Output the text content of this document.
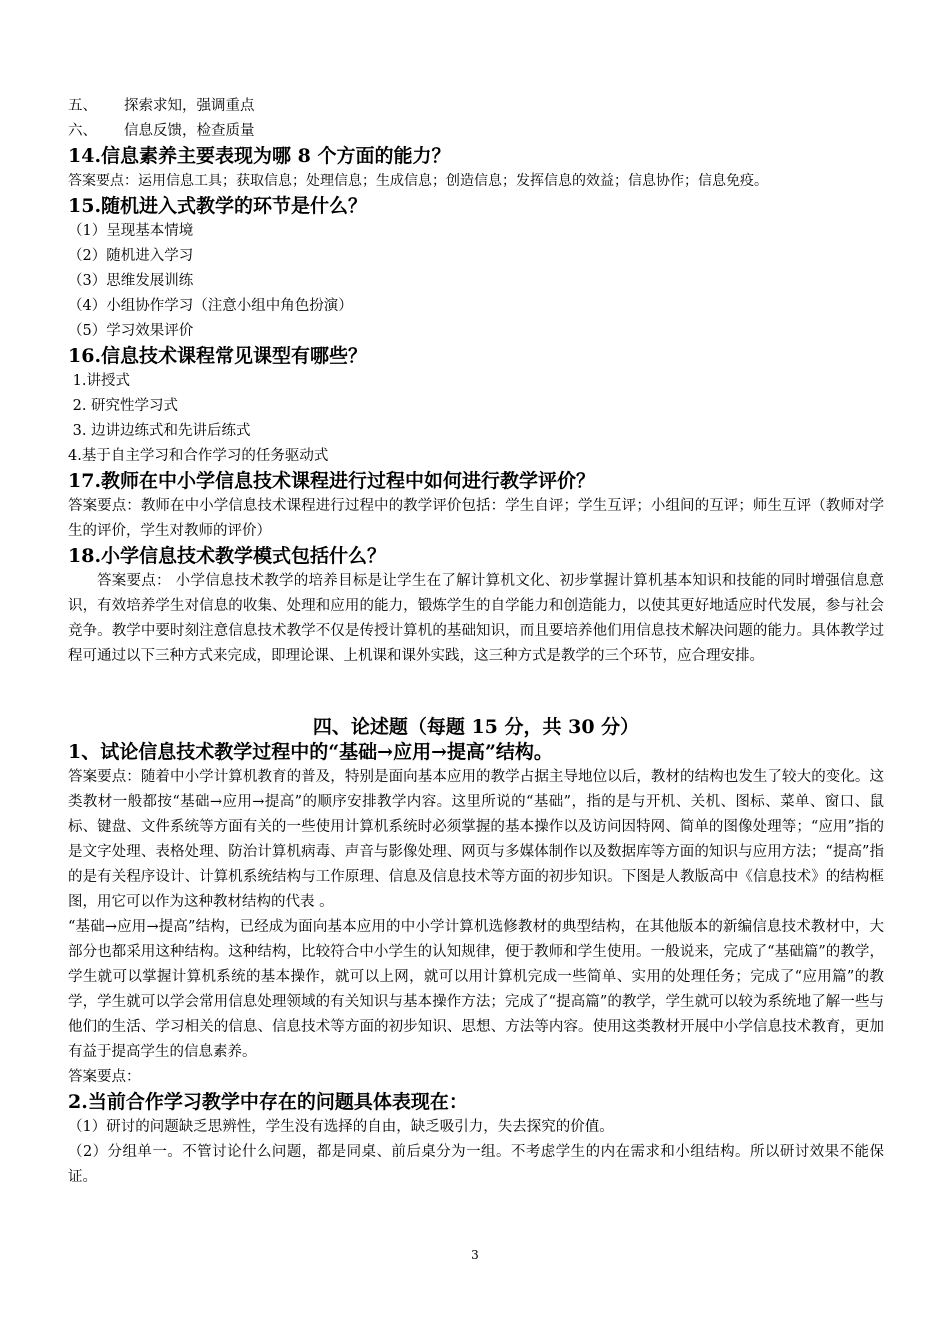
五、 探索求知，强调重点
六、 信息反馈，检查质量
14.信息素养主要表现为哪 8 个方面的能力？
答案要点：运用信息工具；获取信息；处理信息；生成信息；创造信息；发挥信息的效益；信息协作；信息免疫。
15.随机进入式教学的环节是什么？
（1）呈现基本情境
（2）随机进入学习
（3）思维发展训练
（4）小组协作学习（注意小组中角色扮演）
（5）学习效果评价
16.信息技术课程常见课型有哪些？
1.讲授式
2. 研究性学习式
3. 边讲边练式和先讲后练式
4.基于自主学习和合作学习的任务驱动式
17.教师在中小学信息技术课程进行过程中如何进行教学评价？
答案要点：教师在中小学信息技术课程进行过程中的教学评价包括：学生自评；学生互评；小组间的互评；师生互评（教师对学生的评价，学生对教师的评价）
18.小学信息技术教学模式包括什么？
答案要点： 小学信息技术教学的培养目标是让学生在了解计算机文化、初步掌握计算机基本知识和技能的同时增强信息意识，有效培养学生对信息的收集、处理和应用的能力，锻炼学生的自学能力和创造能力，以使其更好地适应时代发展，参与社会竞争。教学中要时刻注意信息技术教学不仅是传授计算机的基础知识，而且要培养他们用信息技术解决问题的能力。具体教学过程可通过以下三种方式来完成，即理论课、上机课和课外实践，这三种方式是教学的三个环节，应合理安排。
四、论述题（每题 15 分，共 30 分）
1、试论信息技术教学过程中的“基础→应用→提高”结构。
答案要点：随着中小学计算机教育的普及，特别是面向基本应用的教学占据主导地位以后，教材的结构也发生了较大的变化。这类教材一般都按“基础→应用→提高”的顺序安排教学内容。这里所说的“基础”，指的是与开机、关机、图标、菜单、窗口、鼠标、键盘、文件系统等方面有关的一些使用计算机系统时必须掌握的基本操作以及访问因特网、简单的图像处理等；“应用”指的是文字处理、表格处理、防治计算机病毒、声音与影像处理、网页与多媒体制作以及数据库等方面的知识与应用方法；“提高”指的是有关程序设计、计算机系统结构与工作原理、信息及信息技术等方面的初步知识。下图是人教版高中《信息技术》的结构框图，用它可以作为这种教材结构的代表 。
“基础→应用→提高”结构，已经成为面向基本应用的中小学计算机选修教材的典型结构，在其他版本的新编信息技术教材中，大部分也都采用这种结构。这种结构，比较符合中小学生的认知规律，便于教师和学生使用。一般说来，完成了“基础篇”的教学，学生就可以掌握计算机系统的基本操作，就可以上网，就可以用计算机完成一些简单、实用的处理任务；完成了“应用篇”的教学，学生就可以学会常用信息处理领域的有关知识与基本操作方法；完成了“提高篇”的教学，学生就可以较为系统地了解一些与他们的生活、学习相关的信息、信息技术等方面的初步知识、思想、方法等内容。使用这类教材开展中小学信息技术教育，更加有益于提高学生的信息素养。
答案要点：
2.当前合作学习教学中存在的问题具体表现在：
（1）研讨的问题缺乏思辨性，学生没有选择的自由，缺乏吸引力，失去探究的价值。
（2）分组单一。不管讨论什么问题，都是同桌、前后桌分为一组。不考虑学生的内在需求和小组结构。所以研讨效果不能保证。
3
